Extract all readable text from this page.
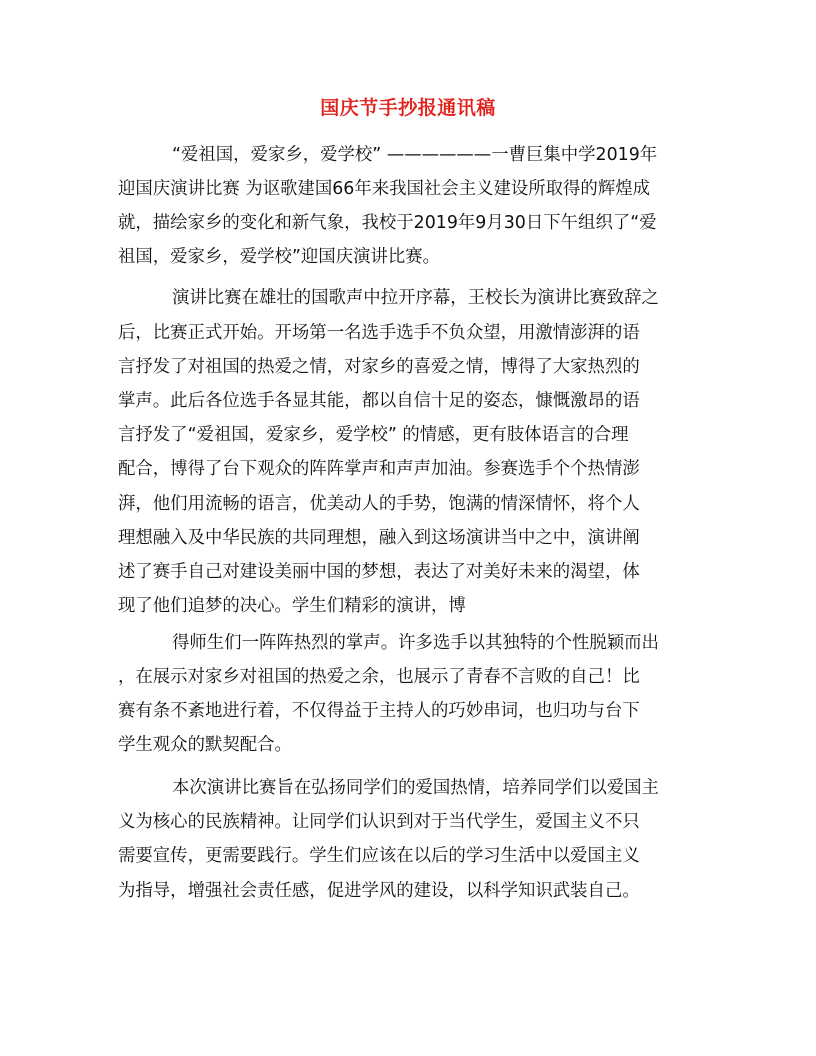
国庆节手抄报通讯稿
“爱祖国，爱家乡，爱学校” ——————一曹巨集中学2019年
迎国庆演讲比赛 为讴歌建国66年来我国社会主义建设所取得的辉煌成
就，描绘家乡的变化和新气象，我校于2019年9月30日下午组织了“爱
祖国，爱家乡，爱学校”迎国庆演讲比赛。
演讲比赛在雄壮的国歌声中拉开序幕，王校长为演讲比赛致辞之
后，比赛正式开始。开场第一名选手选手不负众望，用激情澎湃的语
言抒发了对祖国的热爱之情，对家乡的喜爱之情，博得了大家热烈的
掌声。此后各位选手各显其能，都以自信十足的姿态，慷慨激昂的语
言抒发了“爱祖国，爱家乡，爱学校” 的情感，更有肢体语言的合理
配合，博得了台下观众的阵阵掌声和声声加油。参赛选手个个热情澎
湃，他们用流畅的语言，优美动人的手势，饱满的情深情怀，将个人
理想融入及中华民族的共同理想，融入到这场演讲当中之中，演讲阐
述了赛手自己对建设美丽中国的梦想，表达了对美好未来的渴望，体
现了他们追梦的决心。学生们精彩的演讲，博
得师生们一阵阵热烈的掌声。许多选手以其独特的个性脱颖而出
，在展示对家乡对祖国的热爱之余，也展示了青春不言败的自己！比
赛有条不紊地进行着，不仅得益于主持人的巧妙串词，也归功与台下
学生观众的默契配合。
本次演讲比赛旨在弘扬同学们的爱国热情，培养同学们以爱国主
义为核心的民族精神。让同学们认识到对于当代学生，爱国主义不只
需要宣传，更需要践行。学生们应该在以后的学习生活中以爱国主义
为指导，增强社会责任感，促进学风的建设，以科学知识武装自己。
